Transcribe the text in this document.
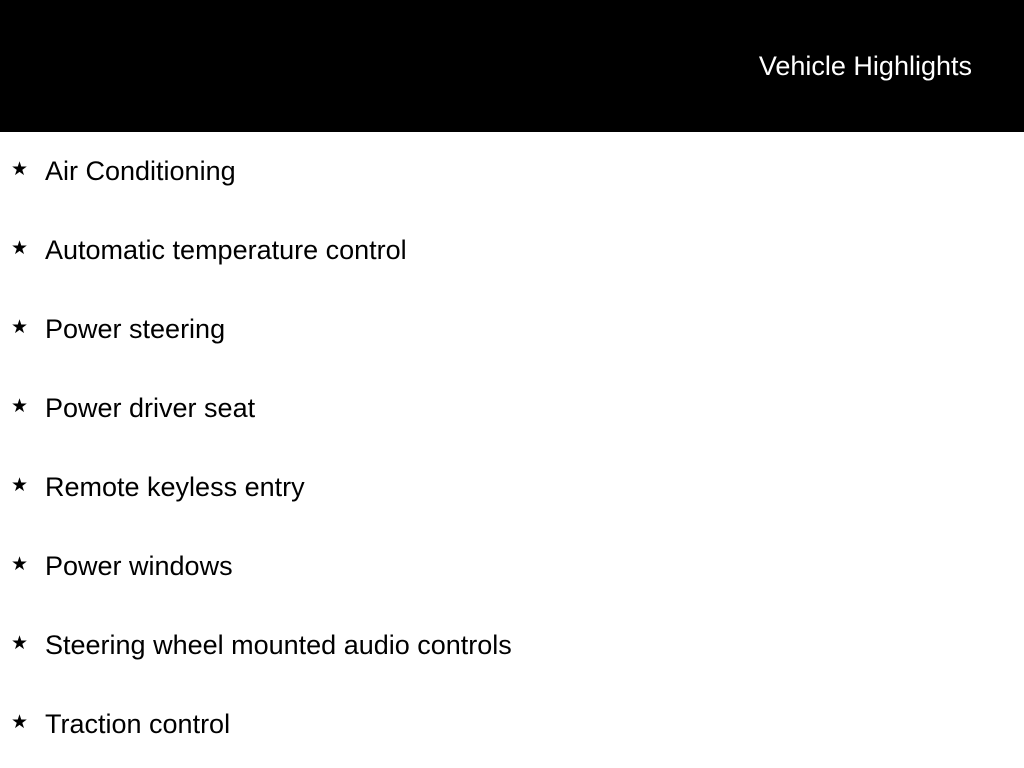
Vehicle Highlights
★ Air Conditioning
★ Automatic temperature control
★ Power steering
★ Power driver seat
★ Remote keyless entry
★ Power windows
★ Steering wheel mounted audio controls
★ Traction control
